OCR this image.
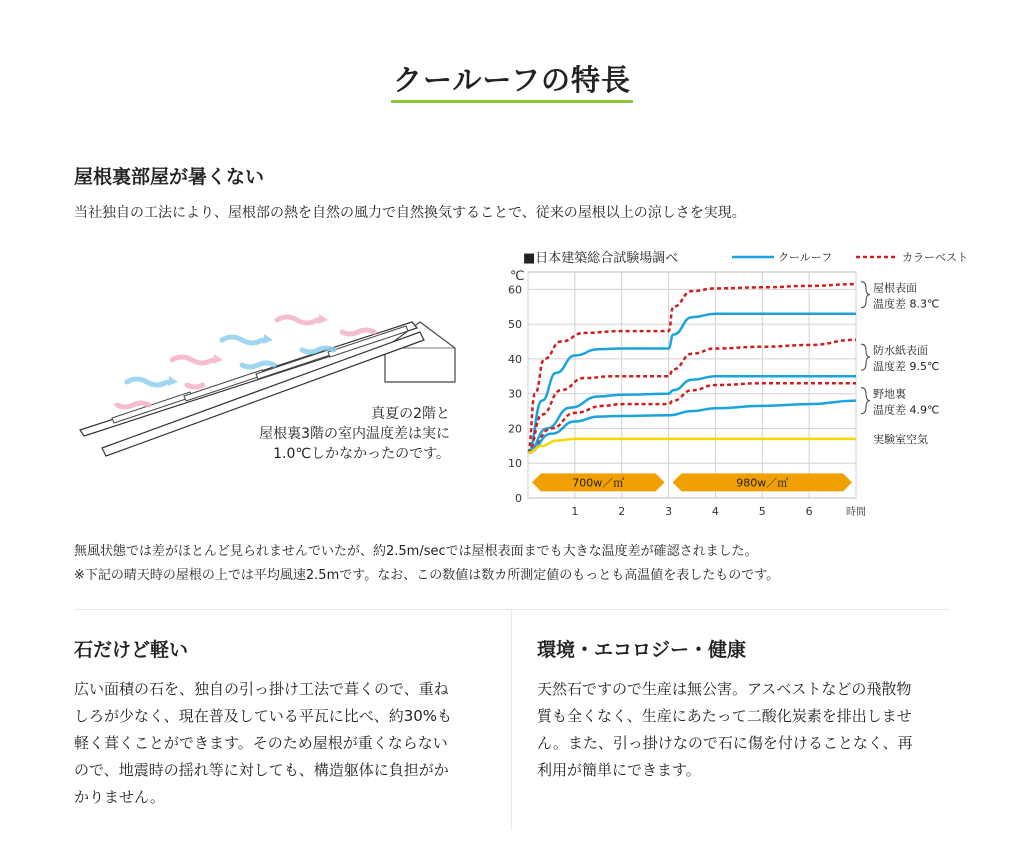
クールーフの特長
屋根裏部屋が暑くない
当社独自の工法により、屋根部の熱を自然の風力で自然換気することで、従来の屋根以上の涼しさを実現。
真夏の2階と
屋根裏3階の室内温度差は実に
1.0℃しかなかったのです。
■日本建築総合試験場調べ	クールーフ	カラーベスト
℃
700w／㎡	980w／㎡
0
10
20
30
40
50
60
1	2	3	4	5	6	時間
屋根表面
温度差 8.3℃
防水紙表面
温度差 9.5℃
野地裏
温度差 4.9℃
実験室空気
無風状態では差がほとんど見られませんでいたが、約2.5m/secでは屋根表面までも大きな温度差が確認されました。
※下記の晴天時の屋根の上では平均風速2.5mです。なお、この数値は数カ所測定値のもっとも高温値を表したものです。
石だけど軽い
広い面積の石を、独自の引っ掛け工法で葺くので、重ね
しろが少なく、現在普及している平瓦に比べ、約30%も
軽く葺くことができます。そのため屋根が重くならない
ので、地震時の揺れ等に対しても、構造躯体に負担がか
かりません。
環境・エコロジー・健康
天然石ですので生産は無公害。アスベストなどの飛散物
質も全くなく、生産にあたって二酸化炭素を排出しませ
ん。また、引っ掛けなので石に傷を付けることなく、再
利用が簡単にできます。
